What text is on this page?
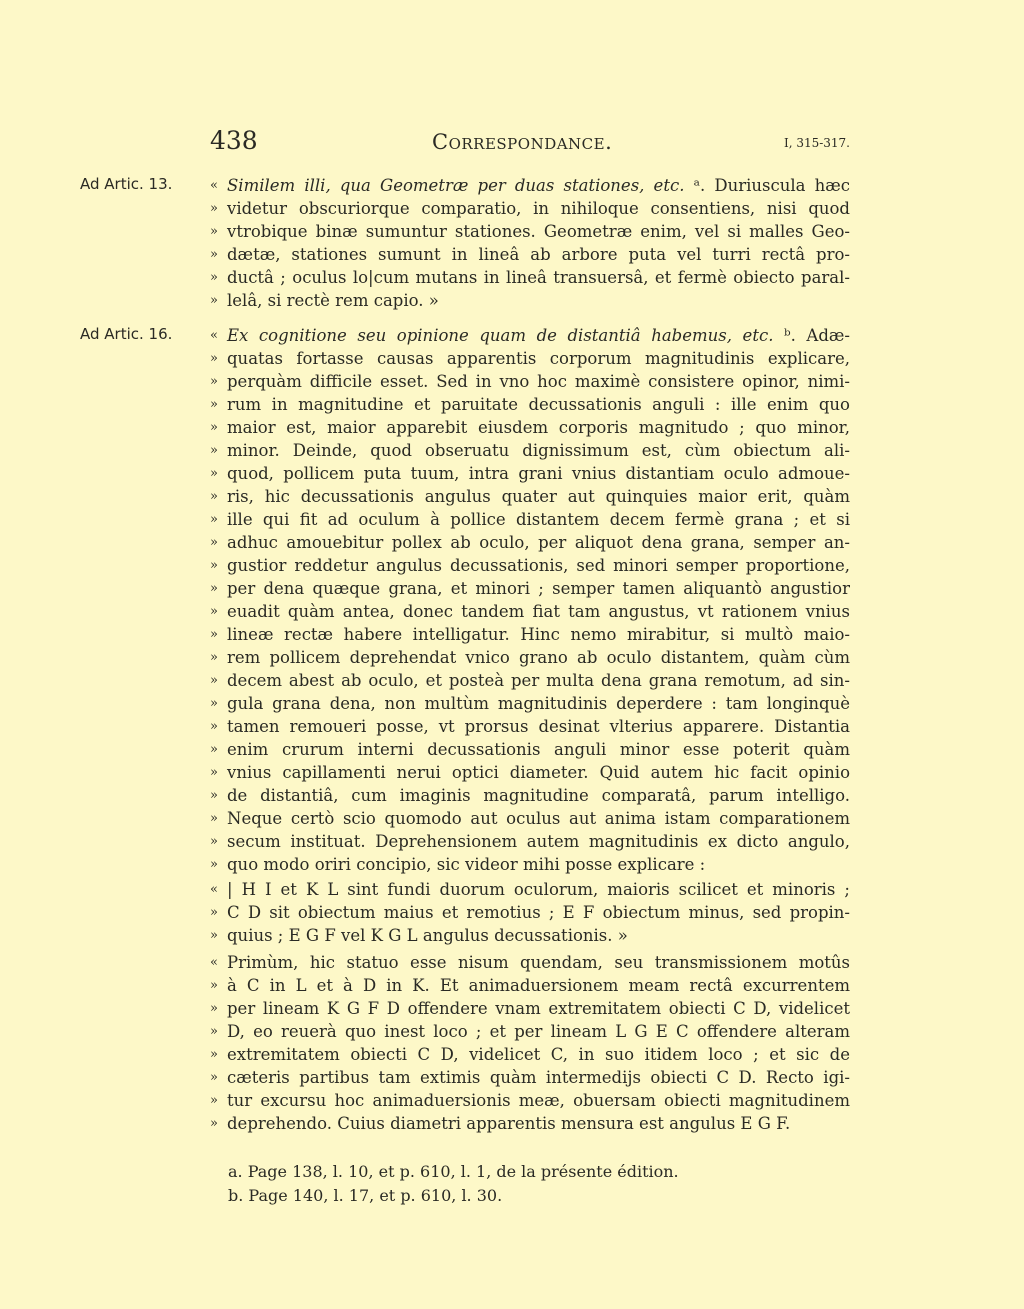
438	Correspondance.	I, 315-317.
Ad Artic. 13.
Ad Artic. 16.
« Similem illi, qua Geometræ per duas stationes, etc. ᵃ. Duriuscula hæc
» videtur obscuriorque comparatio, in nihiloque consentiens, nisi quod
» vtrobique binæ sumuntur stationes. Geometræ enim, vel si malles Geo-
» dætæ, stationes sumunt in lineâ ab arbore puta vel turri rectâ pro-
» ductâ ; oculus lo|cum mutans in lineâ transuersâ, et fermè obiecto paral-
» lelâ, si rectè rem capio. »
« Ex cognitione seu opinione quam de distantiâ habemus, etc. ᵇ. Adæ-
» quatas fortasse causas apparentis corporum magnitudinis explicare,
» perquàm difficile esset. Sed in vno hoc maximè consistere opinor, nimi-
» rum in magnitudine et paruitate decussationis anguli : ille enim quo
» maior est, maior apparebit eiusdem corporis magnitudo ; quo minor,
» minor. Deinde, quod obseruatu dignissimum est, cùm obiectum ali-
» quod, pollicem puta tuum, intra grani vnius distantiam oculo admoue-
» ris, hic decussationis angulus quater aut quinquies maior erit, quàm
» ille qui fit ad oculum à pollice distantem decem fermè grana ; et si
» adhuc amouebitur pollex ab oculo, per aliquot dena grana, semper an-
» gustior reddetur angulus decussationis, sed minori semper proportione,
» per dena quæque grana, et minori ; semper tamen aliquantò angustior
» euadit quàm antea, donec tandem fiat tam angustus, vt rationem vnius
» lineæ rectæ habere intelligatur. Hinc nemo mirabitur, si multò maio-
» rem pollicem deprehendat vnico grano ab oculo distantem, quàm cùm
» decem abest ab oculo, et posteà per multa dena grana remotum, ad sin-
» gula grana dena, non multùm magnitudinis deperdere : tam longinquè
» tamen remoueri posse, vt prorsus desinat vlterius apparere. Distantia
» enim crurum interni decussationis anguli minor esse poterit quàm
» vnius capillamenti nerui optici diameter. Quid autem hic facit opinio
» de distantiâ, cum imaginis magnitudine comparatâ, parum intelligo.
» Neque certò scio quomodo aut oculus aut anima istam comparationem
» secum instituat. Deprehensionem autem magnitudinis ex dicto angulo,
» quo modo oriri concipio, sic videor mihi posse explicare :
« | H I et K L sint fundi duorum oculorum, maioris scilicet et minoris ;
» C D sit obiectum maius et remotius ; E F obiectum minus, sed propin-
» quius ; E G F vel K G L angulus decussationis. »
« Primùm, hic statuo esse nisum quendam, seu transmissionem motûs
» à C in L et à D in K. Et animaduersionem meam rectâ excurrentem
» per lineam K G F D offendere vnam extremitatem obiecti C D, videlicet
» D, eo reuerà quo inest loco ; et per lineam L G E C offendere alteram
» extremitatem obiecti C D, videlicet C, in suo itidem loco ; et sic de
» cæteris partibus tam extimis quàm intermedijs obiecti C D. Recto igi-
» tur excursu hoc animaduersionis meæ, obuersam obiecti magnitudinem
» deprehendo. Cuius diametri apparentis mensura est angulus E G F.
a. Page 138, l. 10, et p. 610, l. 1, de la présente édition.
b. Page 140, l. 17, et p. 610, l. 30.
